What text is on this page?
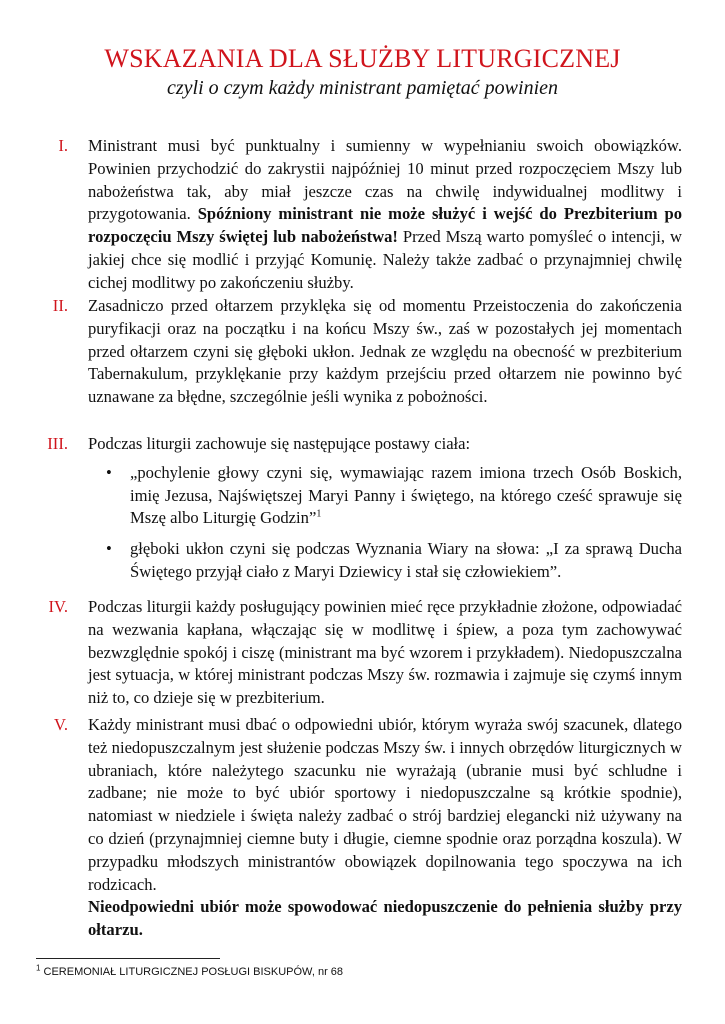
WSKAZANIA DLA SŁUŻBY LITURGICZNEJ
czyli o czym każdy ministrant pamiętać powinien
I. Ministrant musi być punktualny i sumienny w wypełnianiu swoich obowiązków. Powinien przychodzić do zakrystii najpóźniej 10 minut przed rozpoczęciem Mszy lub nabożeństwa tak, aby miał jeszcze czas na chwilę indywidualnej modlitwy i przygotowania. Spóźniony ministrant nie może służyć i wejść do Prezbiterium po rozpoczęciu Mszy świętej lub nabożeństwa! Przed Mszą warto pomyśleć o intencji, w jakiej chce się modlić i przyjąć Komunię. Należy także zadbać o przynajmniej chwilę cichej modlitwy po zakończeniu służby.

II. Zasadniczo przed ołtarzem przyklęka się od momentu Przeistoczenia do zakończenia puryfikacji oraz na początku i na końcu Mszy św., zaś w pozostałych jej momentach przed ołtarzem czyni się głęboki ukłon. Jednak ze względu na obecność w prezbiterium Tabernakulum, przyklękanie przy każdym przejściu przed ołtarzem nie powinno być uznawane za błędne, szczególnie jeśli wynika z pobożności.

III. Podczas liturgii zachowuje się następujące postawy ciała:

• „pochylenie głowy czyni się, wymawiając razem imiona trzech Osób Boskich, imię Jezusa, Najświętszej Maryi Panny i świętego, na którego cześć sprawuje się Mszę albo Liturgię Godzin”$^1$
• głęboki ukłon czyni się podczas Wyznania Wiary na słowa: „I za sprawą Ducha Świętego przyjął ciało z Maryi Dziewicy i stał się człowiekiem”.
IV. Podczas liturgii każdy posługujący powinien mieć ręce przykładnie złożone, odpowiadać na wezwania kapłana, włączając się w modlitwę i śpiew, a poza tym zachowywać bezwzględnie spokój i ciszę (ministrant ma być wzorem i przykładem). Niedopuszczalna jest sytuacja, w której ministrant podczas Mszy św. rozmawia i zajmuje się czymś innym niż to, co dzieje się w prezbiterium.

V. Każdy ministrant musi dbać o odpowiedni ubiór, którym wyraża swój szacunek, dlatego też niedopuszczalnym jest służenie podczas Mszy św. i innych obrzędów liturgicznych w ubraniach, które należytego szacunku nie wyrażają (ubranie musi być schludne i zadbane; nie może to być ubiór sportowy i niedopuszczalne są krótkie spodnie), natomiast w niedziele i święta należy zadbać o strój bardziej elegancki niż używany na co dzień (przynajmniej ciemne buty i długie, ciemne spodnie oraz porządna koszula). W przypadku młodszych ministrantów obowiązek dopilnowania tego spoczywa na ich rodzicach.

Nieodpowiedni ubiór może spowodować niedopuszczenie do pełnienia służby przy ołtarzu.

$^1$ CEREMONIAŁ LITURGICZNEJ POSŁUGI BISKUPÓW, nr 68
